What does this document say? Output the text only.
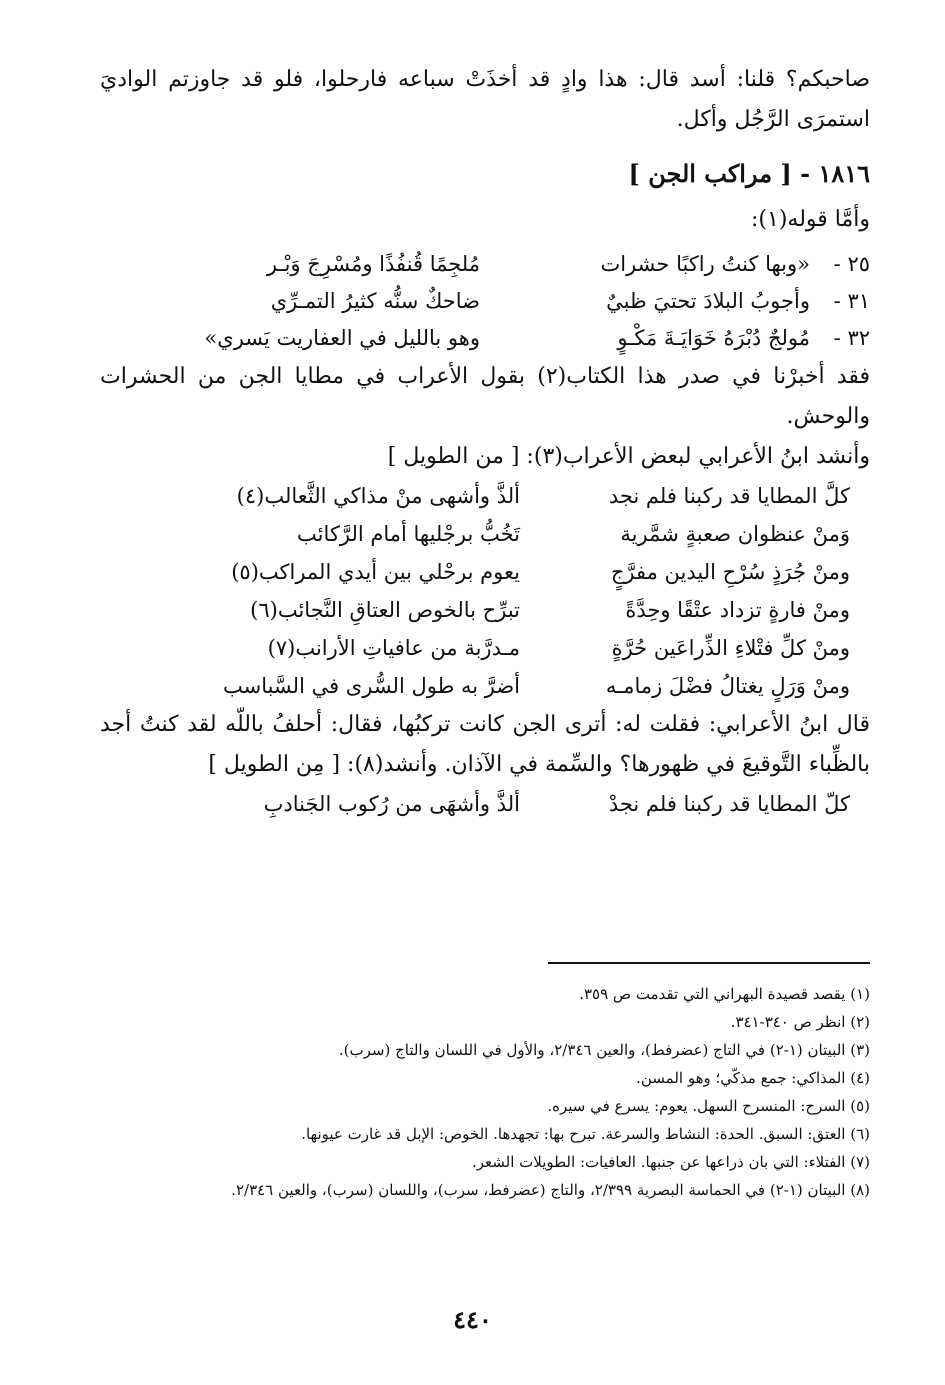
صاحبكم؟ قلنا: أسد قال: هذا وادٍ قد أخذَتْ سباعه فارحلوا، فلو قد جاوزتم الواديَ استمرَى الرَّجُل وأكل.

١٨١٦ - [ مراكب الجن ]
وأمَّا قوله(١):
٢٥ -
«وبها كنتُ راكبًا حشرات
مُلجِمًا قُنفُذًا ومُسْرِجَ وَبْـر
٣١ -
وأجوبُ البلادَ تحتيَ ظبيٌ
ضاحكٌ سنُّه كثيرُ التمـرِّي
٣٢ -
مُولجٌ دُبْرَهُ خَوَايَـةَ مَكْـوٍ
وهو بالليل في العفاريت يَسري»

فقد أخبرْنا في صدر هذا الكتاب(٢) بقول الأعراب في مطايا الجن من الحشرات والوحش.

وأنشد ابنُ الأعرابي لبعض الأعراب(٣): [ من الطويل ]

كلَّ المطايا قد ركبنا فلم نجد
ألذَّ وأشهى منْ مذاكي الثَّعالب(٤)
وَمنْ عنظوان صعبةٍ شمَّرية
تَخُبُّ برجْليها أمام الرَّكائب
ومنْ جُرَذٍ سُرْحِ اليدين مفرَّجٍ
يعوم برحْلي بين أيدي المراكب(٥)
ومنْ فارةٍ تزداد عتْقًا وحِدَّةً
تبرِّح بالخوص العتاقِ النَّجائب(٦)
ومنْ كلِّ فتْلاءِ الذِّراعَين حُرَّةٍ
مـدرَّبة من عافياتِ الأرانب(٧)
ومنْ وَرَلٍ يغتالُ فضْلَ زمامـه
أضرَّ به طول السُّرى في السَّباسب

قال ابنُ الأعرابي: فقلت له: أترى الجن كانت تركبُها، فقال: أحلفُ باللّه لقد كنتُ أجد بالظِّباء التَّوقيعَ في ظهورها؟ والسِّمة في الآذان. وأنشد(٨): [ مِن الطويل ]

كلّ المطايا قد ركبنا فلم نجدْ
ألذَّ وأشهَى من رُكوب الجَنادبِ

(١) يقصد قصيدة البهراني التي تقدمت ص ٣٥٩.

(٢) انظر ص ٣٤٠-٣٤١.

(٣) البيتان (١-٢) في التاج (عضرفط)، والعين ٢/٣٤٦، والأول في اللسان والتاج (سرب).

(٤) المذاكي: جمع مذكّي؛ وهو المسن.

(٥) السرح: المنسرح السهل. يعوم: يسرع في سيره.

(٦) العتق: السبق. الحدة: النشاط والسرعة. تبرح بها: تجهدها. الخوص: الإبل قد غارت عيونها.

(٧) الفتلاء: التي بان ذراعها عن جنبها. العافيات: الطويلات الشعر.

(٨) البيتان (١-٢) في الحماسة البصرية ٢/٣٩٩، والتاج (عضرفط، سرب)، واللسان (سرب)، والعين ٢/٣٤٦.

٤٤٠
